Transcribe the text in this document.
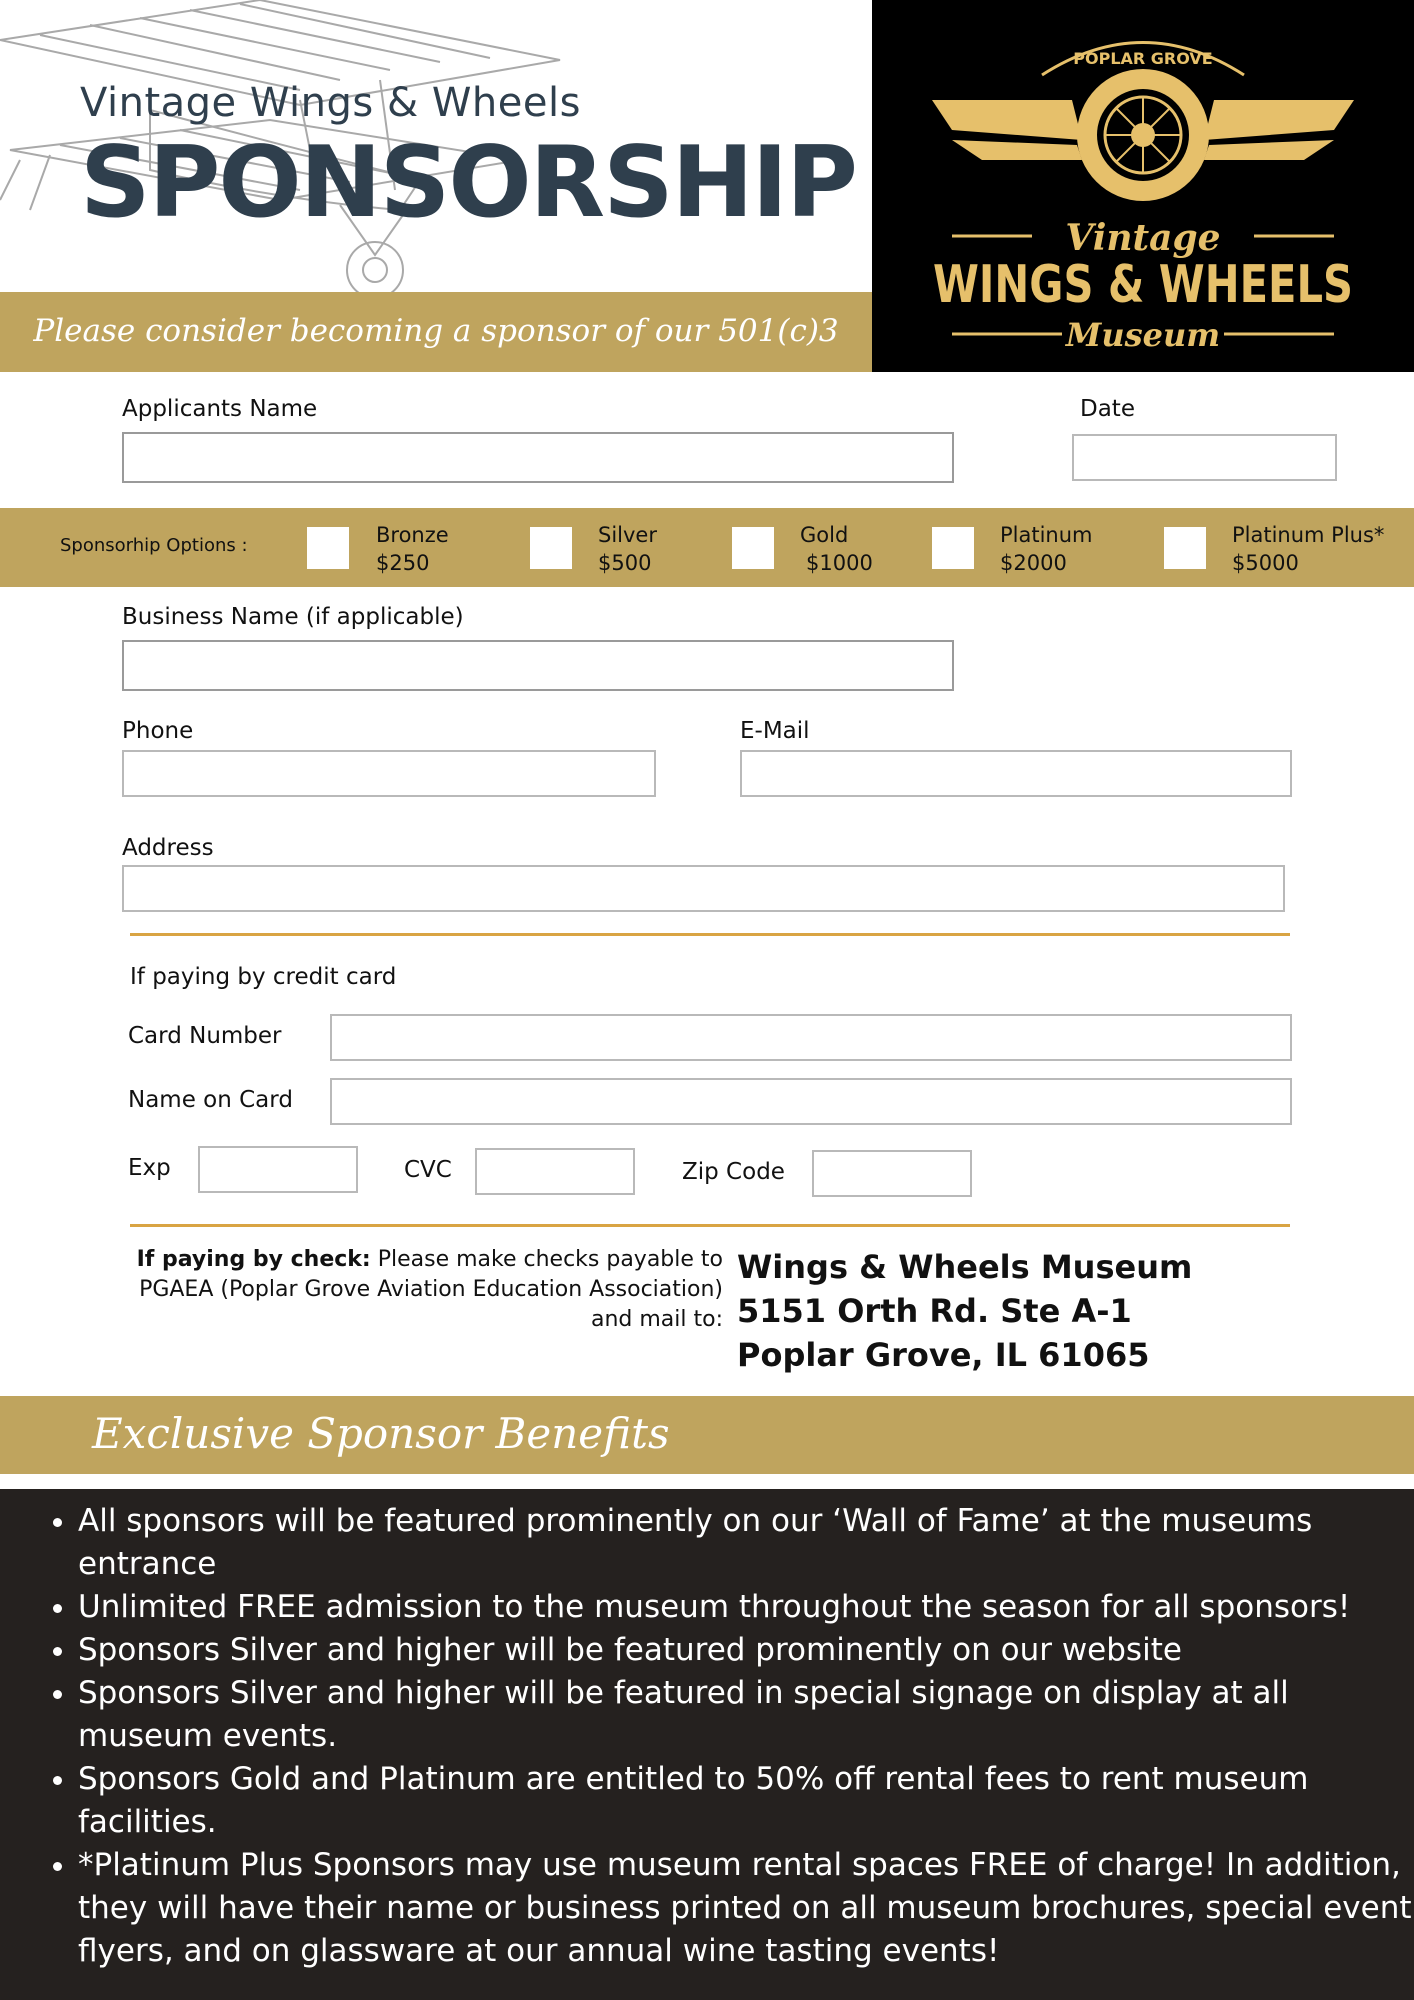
Vintage Wings & Wheels
SPONSORSHIP
Please consider becoming a sponsor of our 501(c)3 organization!
POPLAR GROVE
Vintage
WINGS & WHEELS
Museum
Applicants Name	Date
Sponsorhip Options :	Bronze
$250
Silver
$500
Gold
$1000
Platinum
$2000
Platinum Plus*
$5000
Business Name (if applicable)
Phone	E-Mail
Address
If paying by credit card
Card Number
Name on Card
Exp	CVC	Zip Code
If paying by check: Please make checks payable to PGAEA (Poplar Grove Aviation Education Association) and mail to:
Wings & Wheels Museum
5151 Orth Rd. Ste A-1
Poplar Grove, IL 61065
Exclusive Sponsor Benefits
• All sponsors will be featured prominently on our ‘Wall of Fame’ at the museums entrance
• Unlimited FREE admission to the museum throughout the season for all sponsors!
• Sponsors Silver and higher will be featured prominently on our website
• Sponsors Silver and higher will be featured in special signage on display at all museum events.
• Sponsors Gold and Platinum are entitled to 50% off rental fees to rent museum facilities.
• *Platinum Plus Sponsors may use museum rental spaces FREE of charge! In addition, they will have their name or business printed on all museum brochures, special event flyers, and on glassware at our annual wine tasting events!
